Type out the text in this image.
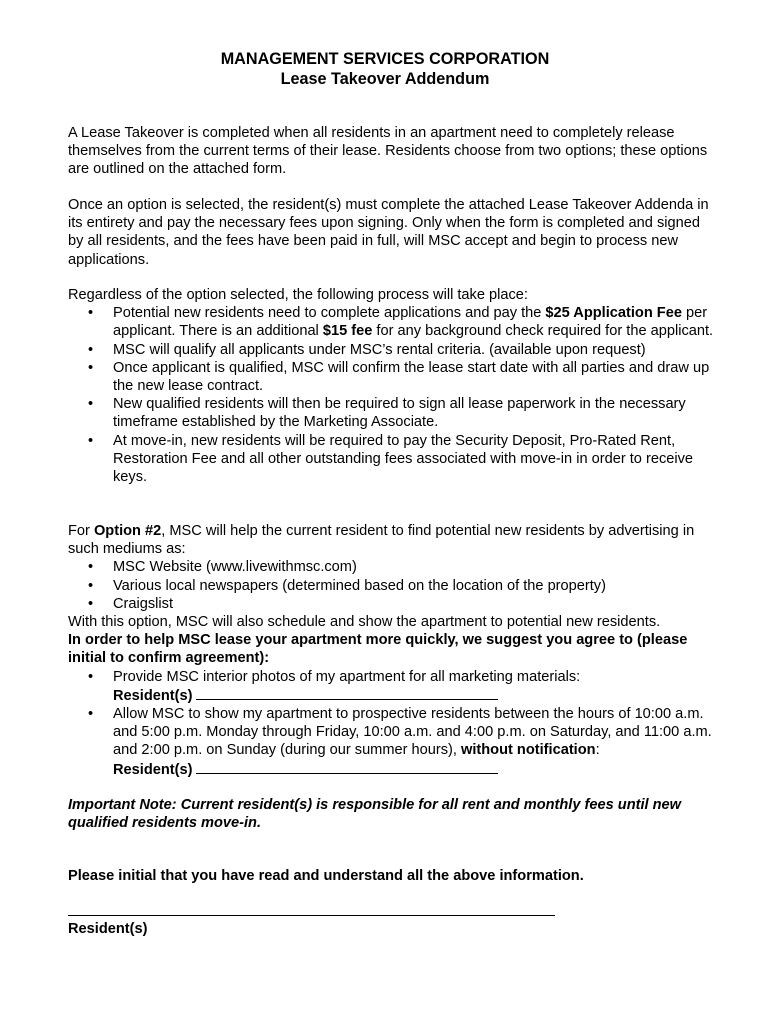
MANAGEMENT SERVICES CORPORATION
Lease Takeover Addendum

A Lease Takeover is completed when all residents in an apartment need to completely release themselves from the current terms of their lease. Residents choose from two options; these options are outlined on the attached form.

Once an option is selected, the resident(s) must complete the attached Lease Takeover Addenda in its entirety and pay the necessary fees upon signing. Only when the form is completed and signed by all residents, and the fees have been paid in full, will MSC accept and begin to process new applications.

Regardless of the option selected, the following process will take place:

• Potential new residents need to complete applications and pay the $25 Application Fee per applicant. There is an additional $15 fee for any background check required for the applicant.
• MSC will qualify all applicants under MSC’s rental criteria. (available upon request)
• Once applicant is qualified, MSC will confirm the lease start date with all parties and draw up the new lease contract.
• New qualified residents will then be required to sign all lease paperwork in the necessary timeframe established by the Marketing Associate.
• At move-in, new residents will be required to pay the Security Deposit, Pro-Rated Rent, Restoration Fee and all other outstanding fees associated with move-in in order to receive keys.

For Option #2, MSC will help the current resident to find potential new residents by advertising in such mediums as:

• MSC Website (www.livewithmsc.com)
• Various local newspapers (determined based on the location of the property)
• Craigslist

With this option, MSC will also schedule and show the apartment to potential new residents.

In order to help MSC lease your apartment more quickly, we suggest you agree to (please initial to confirm agreement):

• Provide MSC interior photos of my apartment for all marketing materials:
Resident(s)
• Allow MSC to show my apartment to prospective residents between the hours of 10:00 a.m. and 5:00 p.m. Monday through Friday, 10:00 a.m. and 4:00 p.m. on Saturday, and 11:00 a.m. and 2:00 p.m. on Sunday (during our summer hours), without notification:
Resident(s)

Important Note: Current resident(s) is responsible for all rent and monthly fees until new qualified residents move-in.

Please initial that you have read and understand all the above information.

Resident(s)
